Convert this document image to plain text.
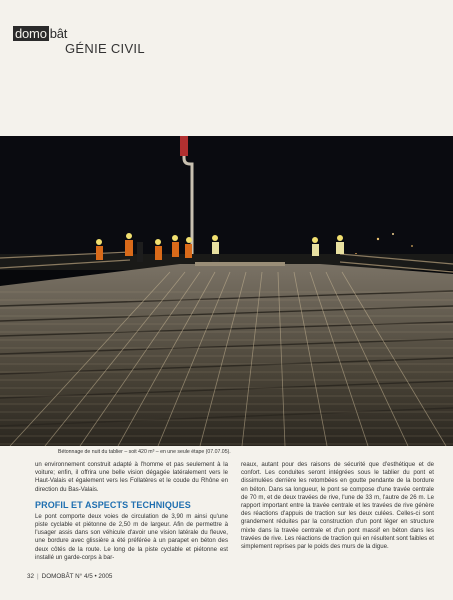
domo bât
GÉNIE CIVIL
Bétonnage de nuit du tablier – soit 420 m³ – en une seule étape (07.07.05).

un environnement construit adapté à l'homme et pas seulement à la voiture; enfin, il offrira une belle vision dégagée latéralement vers le Haut-Valais et également vers les Follatères et le coude du Rhône en direction du Bas-Valais.

PROFIL ET ASPECTS TECHNIQUES

Le pont comporte deux voies de circulation de 3,90 m ainsi qu'une piste cyclable et piétonne de 2,50 m de largeur. Afin de permettre à l'usager assis dans son véhicule d'avoir une vision latérale du fleuve, une bordure avec glissière a été préférée à un parapet en béton des deux côtés de la route. Le long de la piste cyclable et piétonne est installé un garde-corps à bar-

reaux, autant pour des raisons de sécurité que d'esthétique et de confort. Les conduites seront intégrées sous le tablier du pont et dissimulées derrière les retombées en goutte pendante de la bordure en béton. Dans sa longueur, le pont se compose d'une travée centrale de 70 m, et de deux travées de rive, l'une de 33 m, l'autre de 26 m. Le rapport important entre la travée centrale et les travées de rive génère des réactions d'appuis de traction sur les deux culées. Celles-ci sont grandement réduites par la construction d'un pont léger en structure mixte dans la travée centrale et d'un pont massif en béton dans les travées de rive. Les réactions de traction qui en résultent sont faibles et simplement reprises par le poids des murs de la digue.

32 | DOMOBÂT N° 4/5 • 2005
